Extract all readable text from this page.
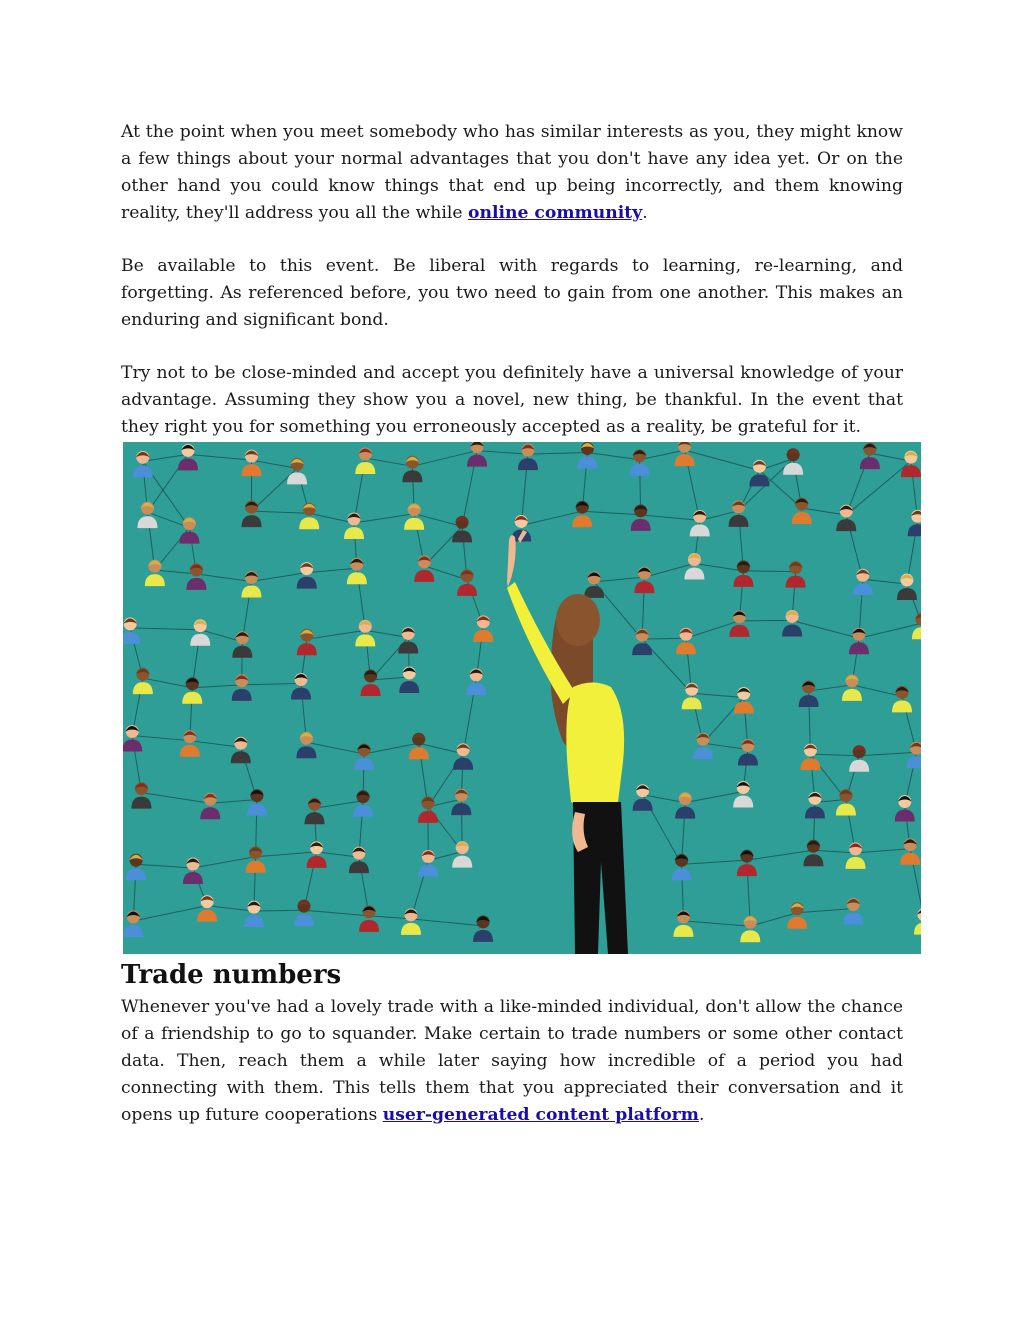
At the point when you meet somebody who has similar interests as you, they might know a few things about your normal advantages that you don't have any idea yet. Or on the other hand you could know things that end up being incorrectly, and them knowing reality, they'll address you all the while online community.

Be available to this event. Be liberal with regards to learning, re-learning, and forgetting. As referenced before, you two need to gain from one another. This makes an enduring and significant bond.

Try not to be close-minded and accept you definitely have a universal knowledge of your advantage. Assuming they show you a novel, new thing, be thankful. In the event that they right you for something you erroneously accepted as a reality, be grateful for it.

Trade numbers

Whenever you've had a lovely trade with a like-minded individual, don't allow the chance of a friendship to go to squander. Make certain to trade numbers or some other contact data. Then, reach them a while later saying how incredible of a period you had connecting with them. This tells them that you appreciated their conversation and it opens up future cooperations user-generated content platform.
